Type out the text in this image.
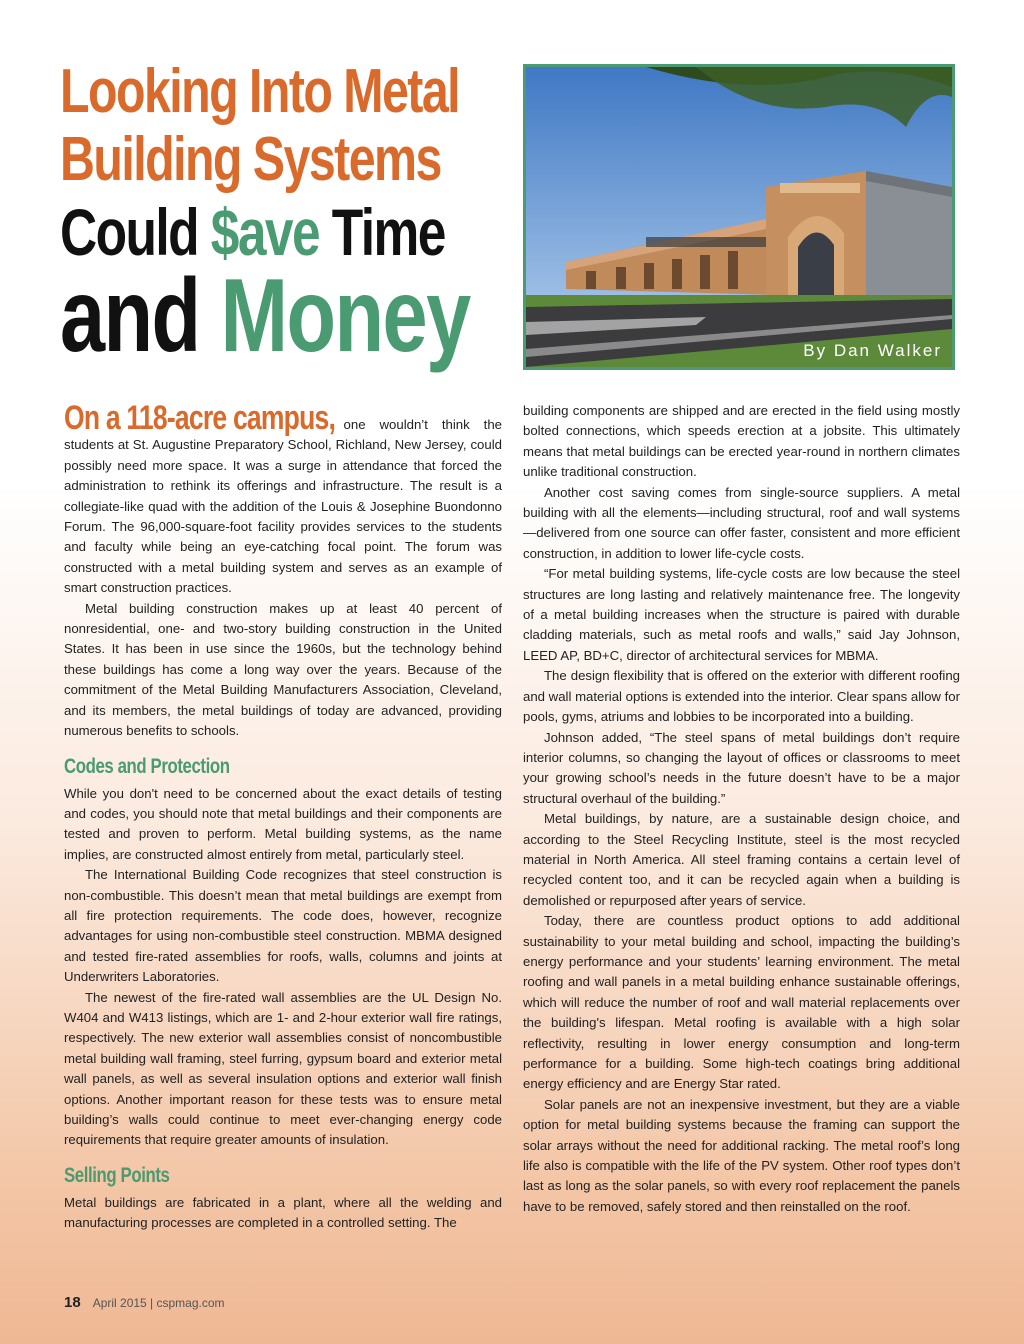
Looking Into Metal
Building Systems
Could $ave Time
and Money	By Dan Walker

On a 118-acre campus, one wouldn’t think the students at St. Augustine Preparatory School, Richland, New Jersey, could possibly need more space. It was a surge in attendance that forced the administration to rethink its offerings and infrastructure. The result is a collegiate-like quad with the addition of the Louis & Josephine Buondonno Forum. The 96,000-square-foot facility provides services to the students and faculty while being an eye-catching focal point. The forum was constructed with a metal building system and serves as an example of smart construction practices.

Metal building construction makes up at least 40 percent of nonresidential, one- and two-story building construction in the United States. It has been in use since the 1960s, but the technology behind these buildings has come a long way over the years. Because of the commitment of the Metal Building Manufacturers Association, Cleveland, and its members, the metal buildings of today are advanced, providing numerous benefits to schools.

Codes and Protection

While you don't need to be concerned about the exact details of testing and codes, you should note that metal buildings and their components are tested and proven to perform. Metal building systems, as the name implies, are constructed almost entirely from metal, particularly steel.

The International Building Code recognizes that steel construction is non-combustible. This doesn’t mean that metal buildings are exempt from all fire protection requirements. The code does, however, recognize advantages for using non-combustible steel construction. MBMA designed and tested fire-rated assemblies for roofs, walls, columns and joints at Underwriters Laboratories.

The newest of the fire-rated wall assemblies are the UL Design No. W404 and W413 listings, which are 1- and 2-hour exterior wall fire ratings, respectively. The new exterior wall assemblies consist of noncombustible metal building wall framing, steel furring, gypsum board and exterior metal wall panels, as well as several insulation options and exterior wall finish options. Another important reason for these tests was to ensure metal building’s walls could continue to meet ever-changing energy code requirements that require greater amounts of insulation.

Selling Points

Metal buildings are fabricated in a plant, where all the welding and manufacturing processes are completed in a controlled setting. The

building components are shipped and are erected in the field using mostly bolted connections, which speeds erection at a jobsite. This ultimately means that metal buildings can be erected year-round in northern climates unlike traditional construction.

Another cost saving comes from single-source suppliers. A metal building with all the elements—including structural, roof and wall systems—delivered from one source can offer faster, consistent and more efficient construction, in addition to lower life-cycle costs.

“For metal building systems, life-cycle costs are low because the steel structures are long lasting and relatively maintenance free. The longevity of a metal building increases when the structure is paired with durable cladding materials, such as metal roofs and walls,” said Jay Johnson, LEED AP, BD+C, director of architectural services for MBMA.

The design flexibility that is offered on the exterior with different roofing and wall material options is extended into the interior. Clear spans allow for pools, gyms, atriums and lobbies to be incorporated into a building.

Johnson added, “The steel spans of metal buildings don’t require interior columns, so changing the layout of offices or classrooms to meet your growing school’s needs in the future doesn’t have to be a major structural overhaul of the building.”

Metal buildings, by nature, are a sustainable design choice, and according to the Steel Recycling Institute, steel is the most recycled material in North America. All steel framing contains a certain level of recycled content too, and it can be recycled again when a building is demolished or repurposed after years of service.

Today, there are countless product options to add additional sustainability to your metal building and school, impacting the building’s energy performance and your students’ learning environment. The metal roofing and wall panels in a metal building enhance sustainable offerings, which will reduce the number of roof and wall material replacements over the building's lifespan. Metal roofing is available with a high solar reflectivity, resulting in lower energy consumption and long-term performance for a building. Some high-tech coatings bring additional energy efficiency and are Energy Star rated.

Solar panels are not an inexpensive investment, but they are a viable option for metal building systems because the framing can support the solar arrays without the need for additional racking. The metal roof’s long life also is compatible with the life of the PV system. Other roof types don’t last as long as the solar panels, so with every roof replacement the panels have to be removed, safely stored and then reinstalled on the roof.

18 April 2015 | cspmag.com
